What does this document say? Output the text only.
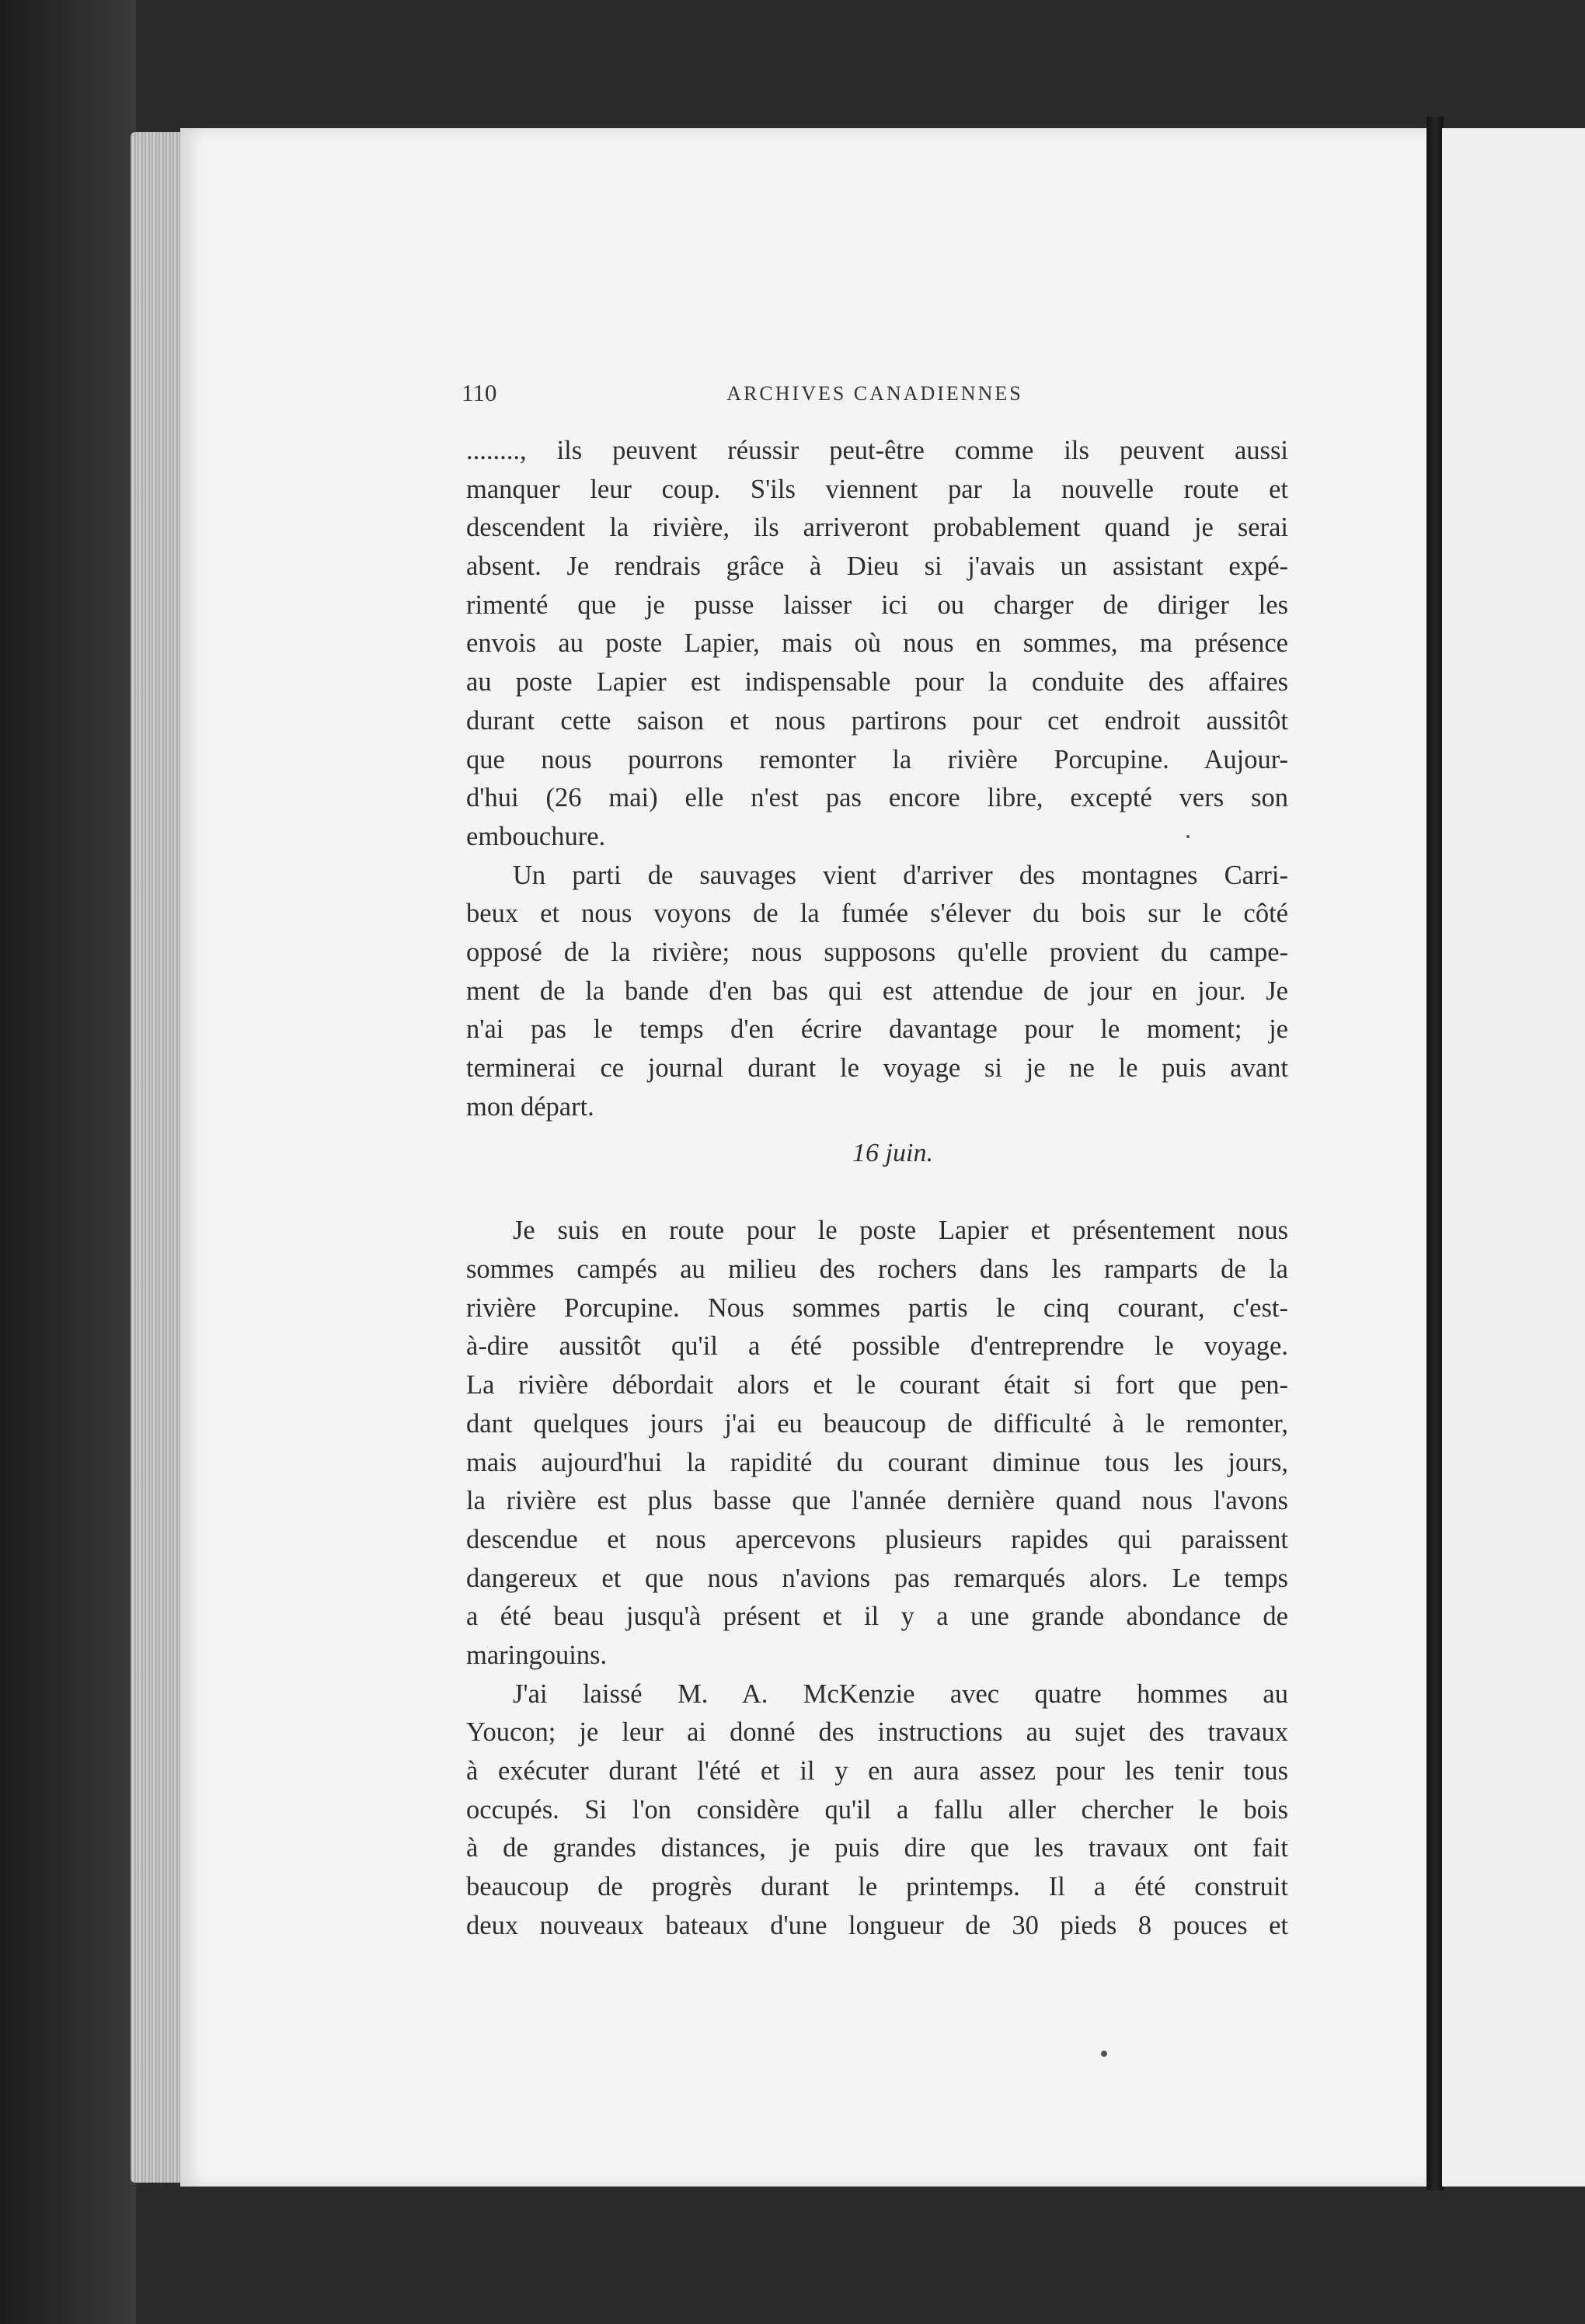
110	ARCHIVES CANADIENNES
........, ils peuvent réussir peut-être comme ils peuvent aussi
manquer leur coup. S'ils viennent par la nouvelle route et
descendent la rivière, ils arriveront probablement quand je serai
absent. Je rendrais grâce à Dieu si j'avais un assistant expé-
rimenté que je pusse laisser ici ou charger de diriger les
envois au poste Lapier, mais où nous en sommes, ma présence
au poste Lapier est indispensable pour la conduite des affaires
durant cette saison et nous partirons pour cet endroit aussitôt
que nous pourrons remonter la rivière Porcupine. Aujour-
d'hui (26 mai) elle n'est pas encore libre, excepté vers son
embouchure.
Un parti de sauvages vient d'arriver des montagnes Carri-
beux et nous voyons de la fumée s'élever du bois sur le côté
opposé de la rivière; nous supposons qu'elle provient du campe-
ment de la bande d'en bas qui est attendue de jour en jour. Je
n'ai pas le temps d'en écrire davantage pour le moment; je
terminerai ce journal durant le voyage si je ne le puis avant
mon départ.
16 juin.
Je suis en route pour le poste Lapier et présentement nous
sommes campés au milieu des rochers dans les ramparts de la
rivière Porcupine. Nous sommes partis le cinq courant, c'est-
à-dire aussitôt qu'il a été possible d'entreprendre le voyage.
La rivière débordait alors et le courant était si fort que pen-
dant quelques jours j'ai eu beaucoup de difficulté à le remonter,
mais aujourd'hui la rapidité du courant diminue tous les jours,
la rivière est plus basse que l'année dernière quand nous l'avons
descendue et nous apercevons plusieurs rapides qui paraissent
dangereux et que nous n'avions pas remarqués alors. Le temps
a été beau jusqu'à présent et il y a une grande abondance de
maringouins.
J'ai laissé M. A. McKenzie avec quatre hommes au
Youcon; je leur ai donné des instructions au sujet des travaux
à exécuter durant l'été et il y en aura assez pour les tenir tous
occupés. Si l'on considère qu'il a fallu aller chercher le bois
à de grandes distances, je puis dire que les travaux ont fait
beaucoup de progrès durant le printemps. Il a été construit
deux nouveaux bateaux d'une longueur de 30 pieds 8 pouces et
